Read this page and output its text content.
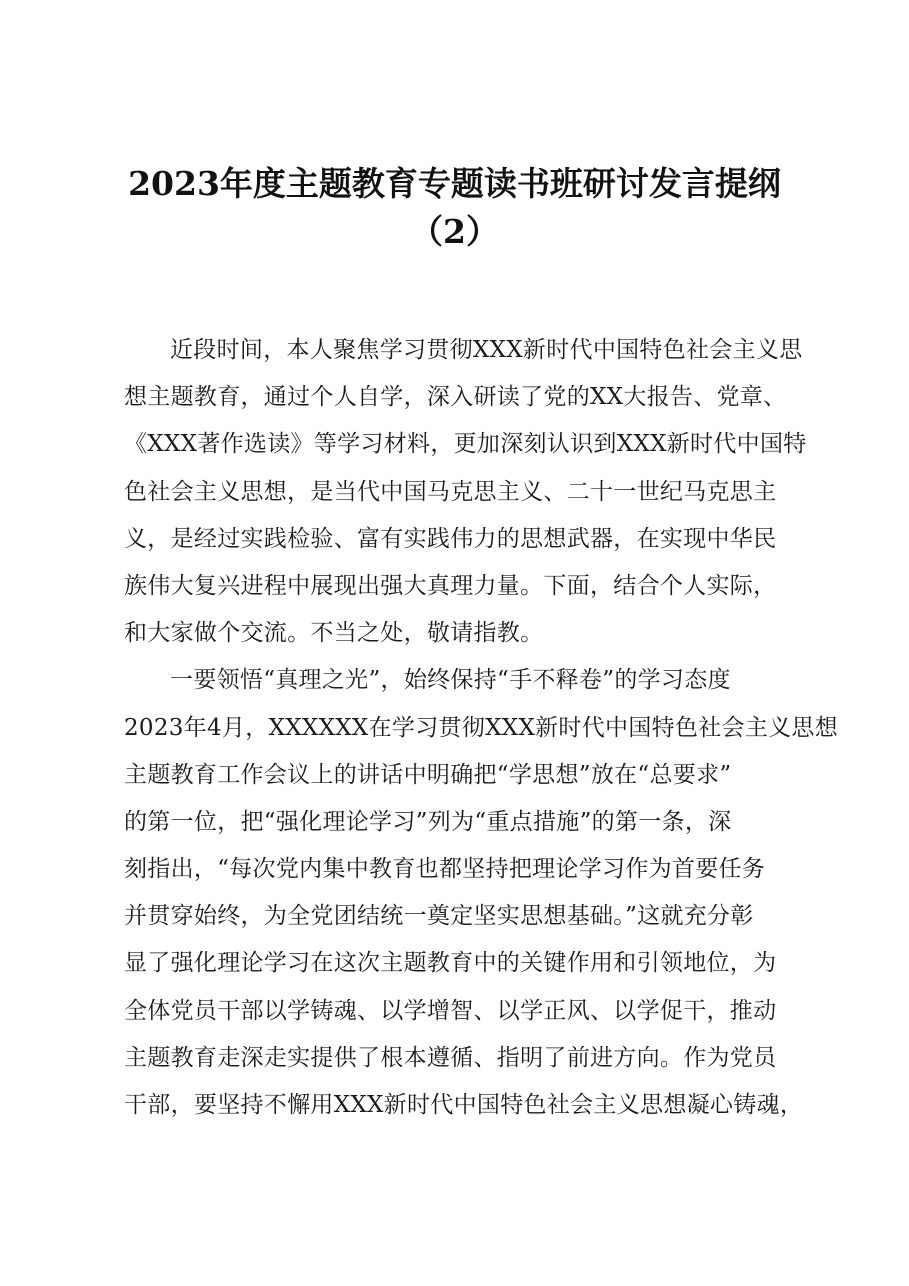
2023年度主题教育专题读书班研讨发言提纲
（2）
近段时间，本人聚焦学习贯彻XXX新时代中国特色社会主义思
想主题教育，通过个人自学，深入研读了党的XX大报告、党章、
《XXX著作选读》等学习材料，更加深刻认识到XXX新时代中国特
色社会主义思想，是当代中国马克思主义、二十一世纪马克思主
义，是经过实践检验、富有实践伟力的思想武器，在实现中华民
族伟大复兴进程中展现出强大真理力量。下面，结合个人实际，
和大家做个交流。不当之处，敬请指教。
一要领悟“真理之光”，始终保持“手不释卷”的学习态度
2023年4月，XXXXXX在学习贯彻XXX新时代中国特色社会主义思想
主题教育工作会议上的讲话中明确把“学思想”放在“总要求”
的第一位，把“强化理论学习”列为“重点措施”的第一条，深
刻指出，“每次党内集中教育也都坚持把理论学习作为首要任务
并贯穿始终，为全党团结统一奠定坚实思想基础。”这就充分彰
显了强化理论学习在这次主题教育中的关键作用和引领地位，为
全体党员干部以学铸魂、以学增智、以学正风、以学促干，推动
主题教育走深走实提供了根本遵循、指明了前进方向。作为党员
干部，要坚持不懈用XXX新时代中国特色社会主义思想凝心铸魂，
